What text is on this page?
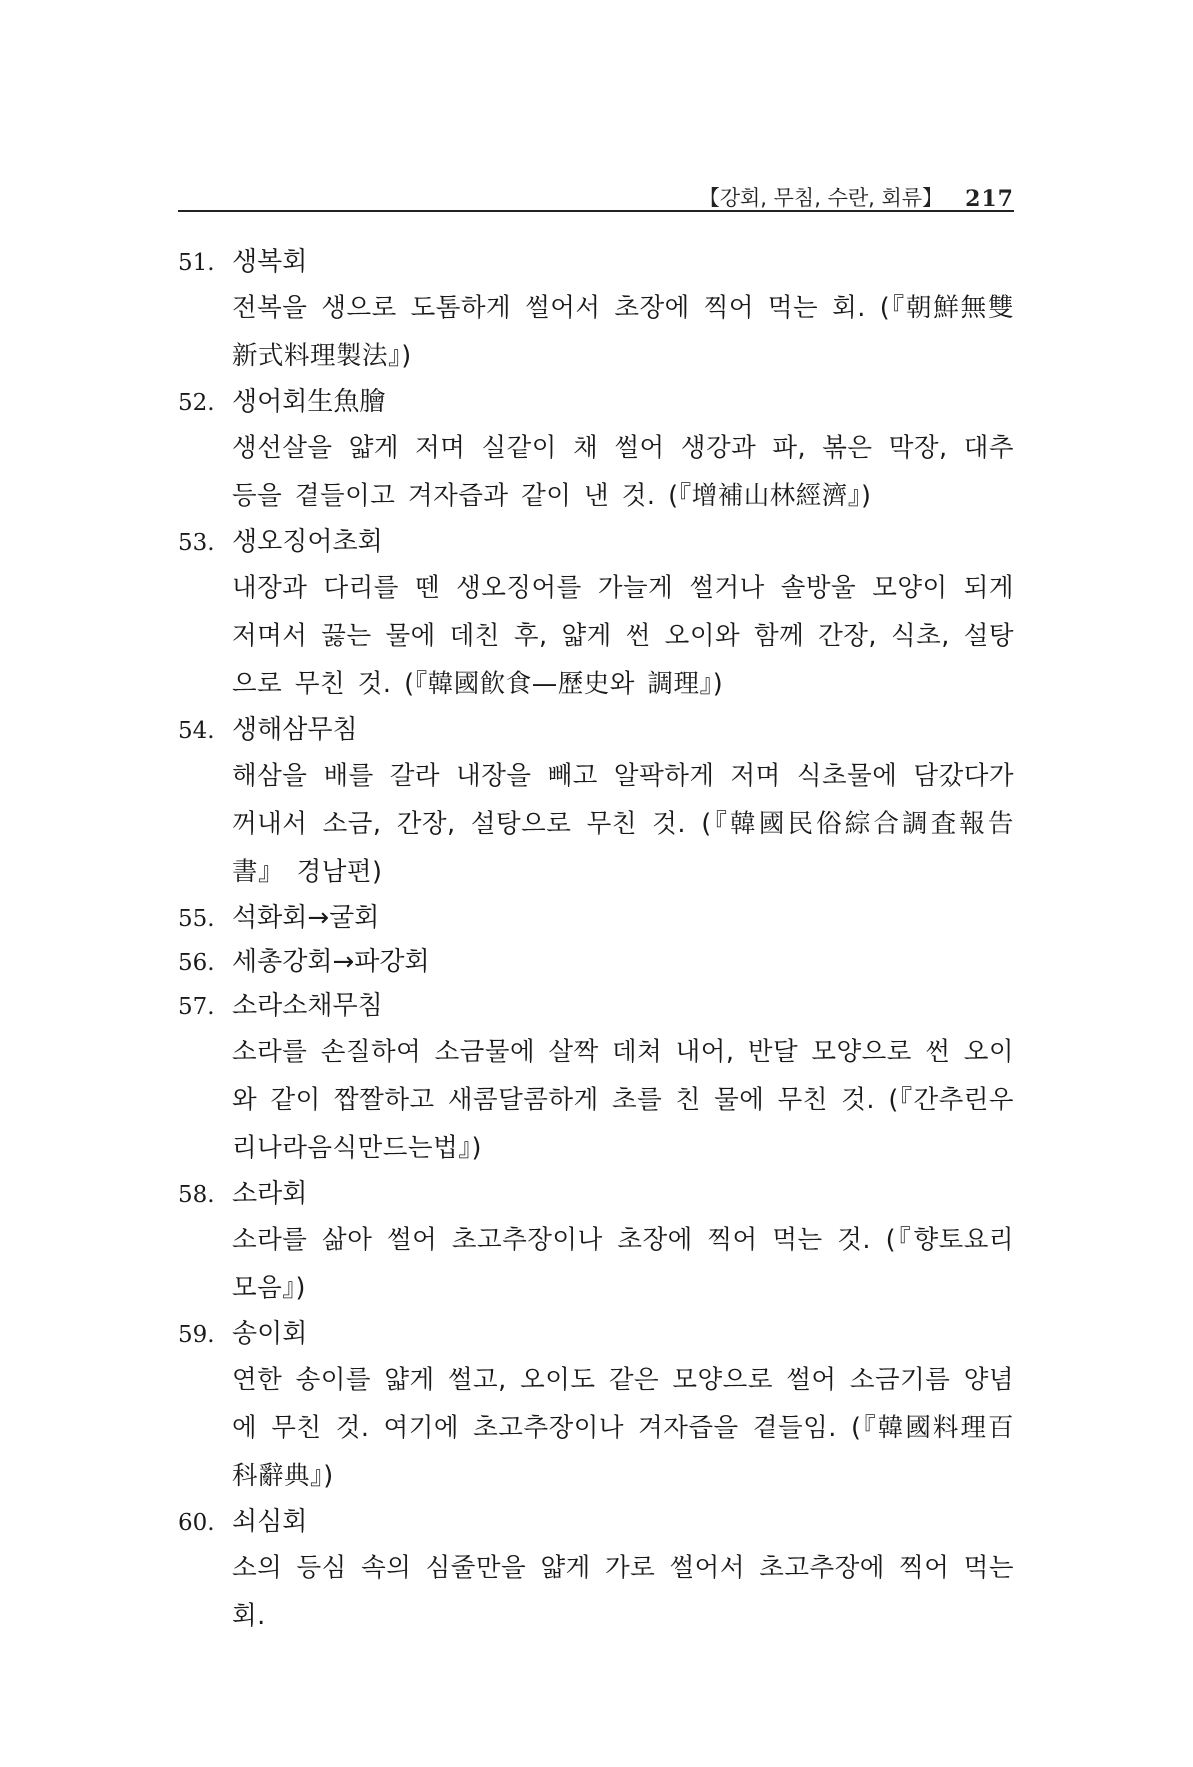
【강회, 무침, 수란, 회류】 217
51. 생복회
전복을 생으로 도톰하게 썰어서 초장에 찍어 먹는 회. (『朝鮮無雙新式料理製法』)
52. 생어회生魚膾
생선살을 얇게 저며 실같이 채 썰어 생강과 파, 볶은 막장, 대추 등을 곁들이고 겨자즙과 같이 낸 것. (『增補山林經濟』)
53. 생오징어초회
내장과 다리를 뗀 생오징어를 가늘게 썰거나 솔방울 모양이 되게 저며서 끓는 물에 데친 후, 얇게 썬 오이와 함께 간장, 식초, 설탕으로 무친 것. (『韓國飮食—歷史와 調理』)
54. 생해삼무침
해삼을 배를 갈라 내장을 빼고 알팍하게 저며 식초물에 담갔다가 꺼내서 소금, 간장, 설탕으로 무친 것. (『韓國民俗綜合調査報告書』 경남편)
55. 석화회→굴회
56. 세총강회→파강회
57. 소라소채무침
소라를 손질하여 소금물에 살짝 데쳐 내어, 반달 모양으로 썬 오이와 같이 짭짤하고 새콤달콤하게 초를 친 물에 무친 것. (『간추린우리나라음식만드는법』)
58. 소라회
소라를 삶아 썰어 초고추장이나 초장에 찍어 먹는 것. (『향토요리모음』)
59. 송이회
연한 송이를 얇게 썰고, 오이도 같은 모양으로 썰어 소금기름 양념에 무친 것. 여기에 초고추장이나 겨자즙을 곁들임. (『韓國料理百科辭典』)
60. 쇠심회
소의 등심 속의 심줄만을 얇게 가로 썰어서 초고추장에 찍어 먹는 회.
